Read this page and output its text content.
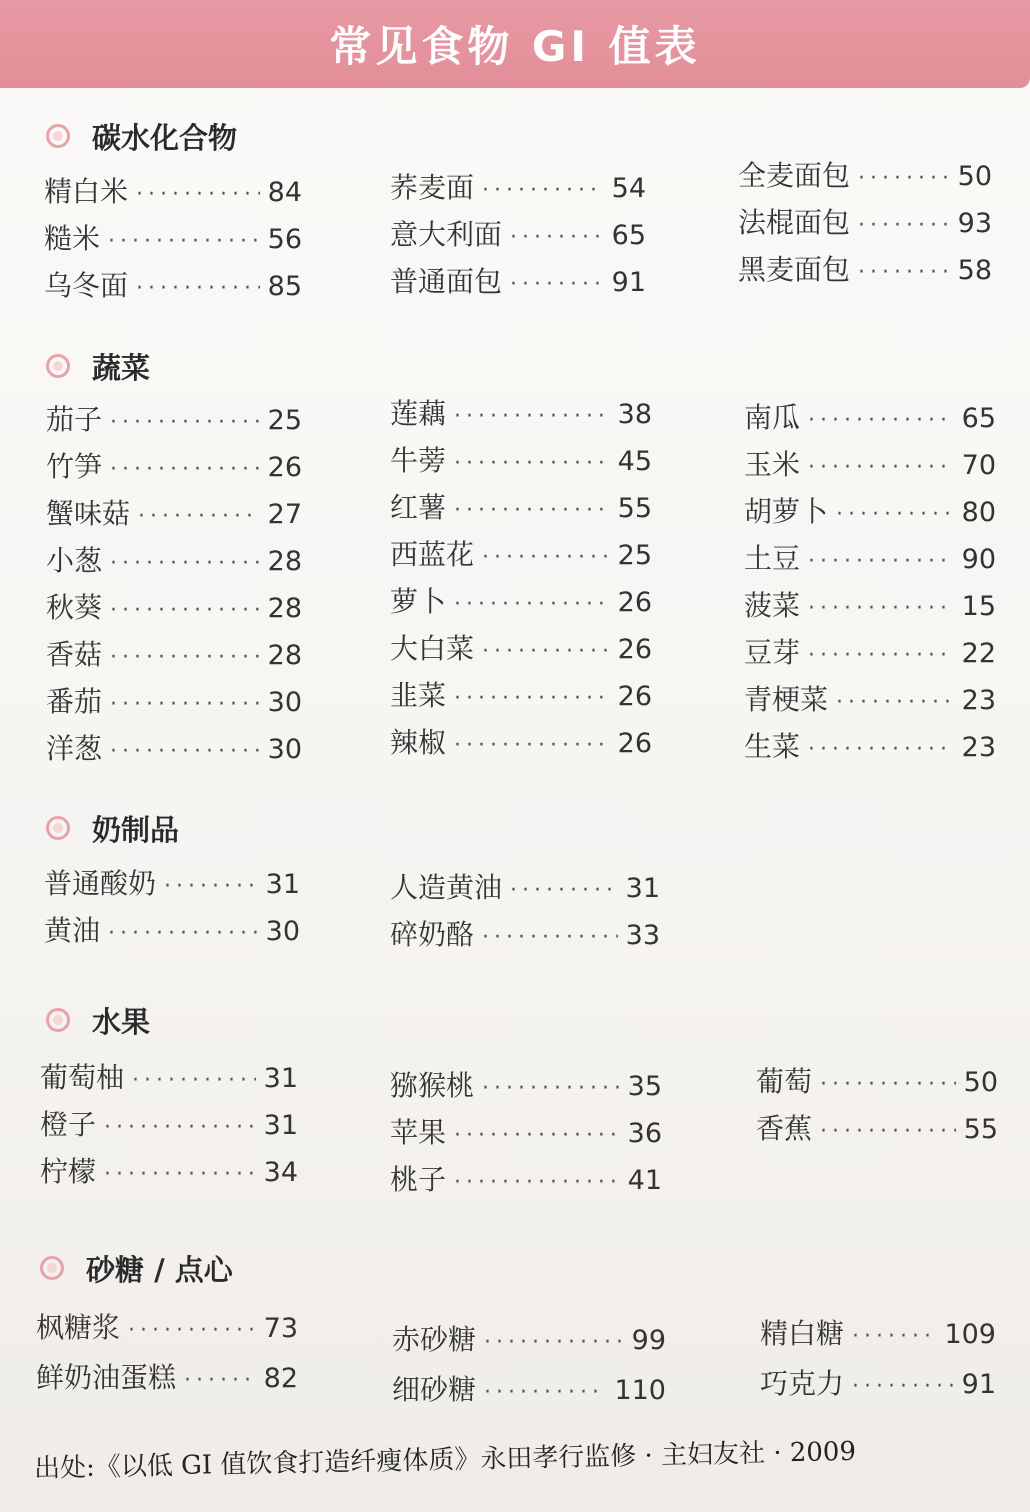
常见食物 GI 值表
碳水化合物
精白米 ·····	84
糙米 ·····	56
乌冬面 ·····	85
荞麦面 ·····	54
意大利面 ·····	65
普通面包 ·····	91
全麦面包 ·····	50
法棍面包 ·····	93
黑麦面包 ·····	58
蔬菜
茄子 ·····	25
竹笋 ·····	26
蟹味菇 ·····	27
小葱 ·····	28
秋葵 ·····	28
香菇 ·····	28
番茄 ·····	30
洋葱 ·····	30
莲藕 ·····	38
牛蒡 ·····	45
红薯 ·····	55
西蓝花 ·····	25
萝卜 ·····	26
大白菜 ·····	26
韭菜 ·····	26
辣椒 ·····	26
南瓜 ·····	65
玉米 ·····	70
胡萝卜 ·····	80
土豆 ·····	90
菠菜 ·····	15
豆芽 ·····	22
青梗菜 ·····	23
生菜 ·····	23
奶制品
普通酸奶 ·····	31
黄油 ·····	30
人造黄油 ·····	31
碎奶酪 ·····	33
水果
葡萄柚 ·····	31
橙子 ·····	31
柠檬 ·····	34
猕猴桃 ·····	35
苹果 ·····	36
桃子 ·····	41
葡萄 ·····	50
香蕉 ·····	55
砂糖 / 点心
枫糖浆 ·····	73
鲜奶油蛋糕 ·····	82
赤砂糖 ·····	99
细砂糖 ·····	110
精白糖 ·····	109
巧克力 ·····	91
出处:《以低 GI 值饮食打造纤瘦体质》永田孝行监修 · 主妇友社 · 2009
